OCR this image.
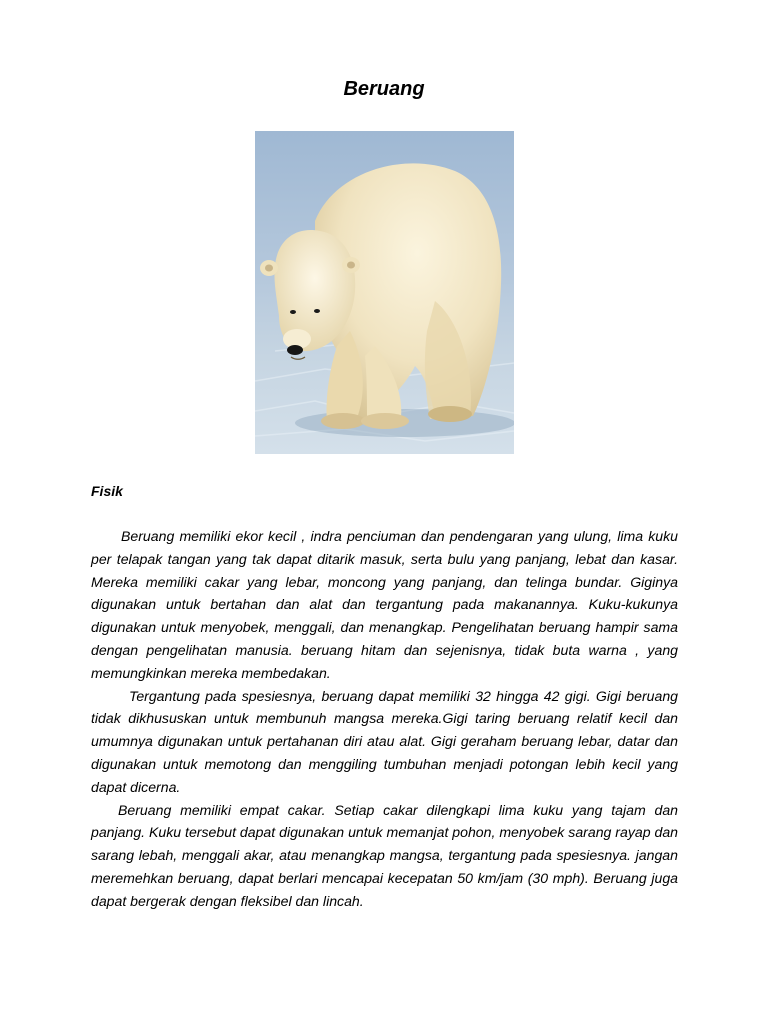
Beruang
Fisik

Beruang memiliki ekor kecil , indra penciuman dan pendengaran yang ulung, lima kuku per telapak tangan yang tak dapat ditarik masuk, serta bulu yang panjang, lebat dan kasar. Mereka memiliki cakar yang lebar, moncong yang panjang, dan telinga bundar. Giginya digunakan untuk bertahan dan alat dan tergantung pada makanannya. Kuku-kukunya digunakan untuk menyobek, menggali, dan menangkap. Pengelihatan beruang hampir sama dengan pengelihatan manusia. beruang hitam dan sejenisnya, tidak buta warna , yang memungkinkan mereka membedakan.

Tergantung pada spesiesnya, beruang dapat memiliki 32 hingga 42 gigi. Gigi beruang tidak dikhususkan untuk membunuh mangsa mereka.Gigi taring beruang relatif kecil dan umumnya digunakan untuk pertahanan diri atau alat. Gigi geraham beruang lebar, datar dan digunakan untuk memotong dan menggiling tumbuhan menjadi potongan lebih kecil yang dapat dicerna.

Beruang memiliki empat cakar. Setiap cakar dilengkapi lima kuku yang tajam dan panjang. Kuku tersebut dapat digunakan untuk memanjat pohon, menyobek sarang rayap dan sarang lebah, menggali akar, atau menangkap mangsa, tergantung pada spesiesnya. jangan meremehkan beruang, dapat berlari mencapai kecepatan 50 km/jam (30 mph). Beruang juga dapat bergerak dengan fleksibel dan lincah.
